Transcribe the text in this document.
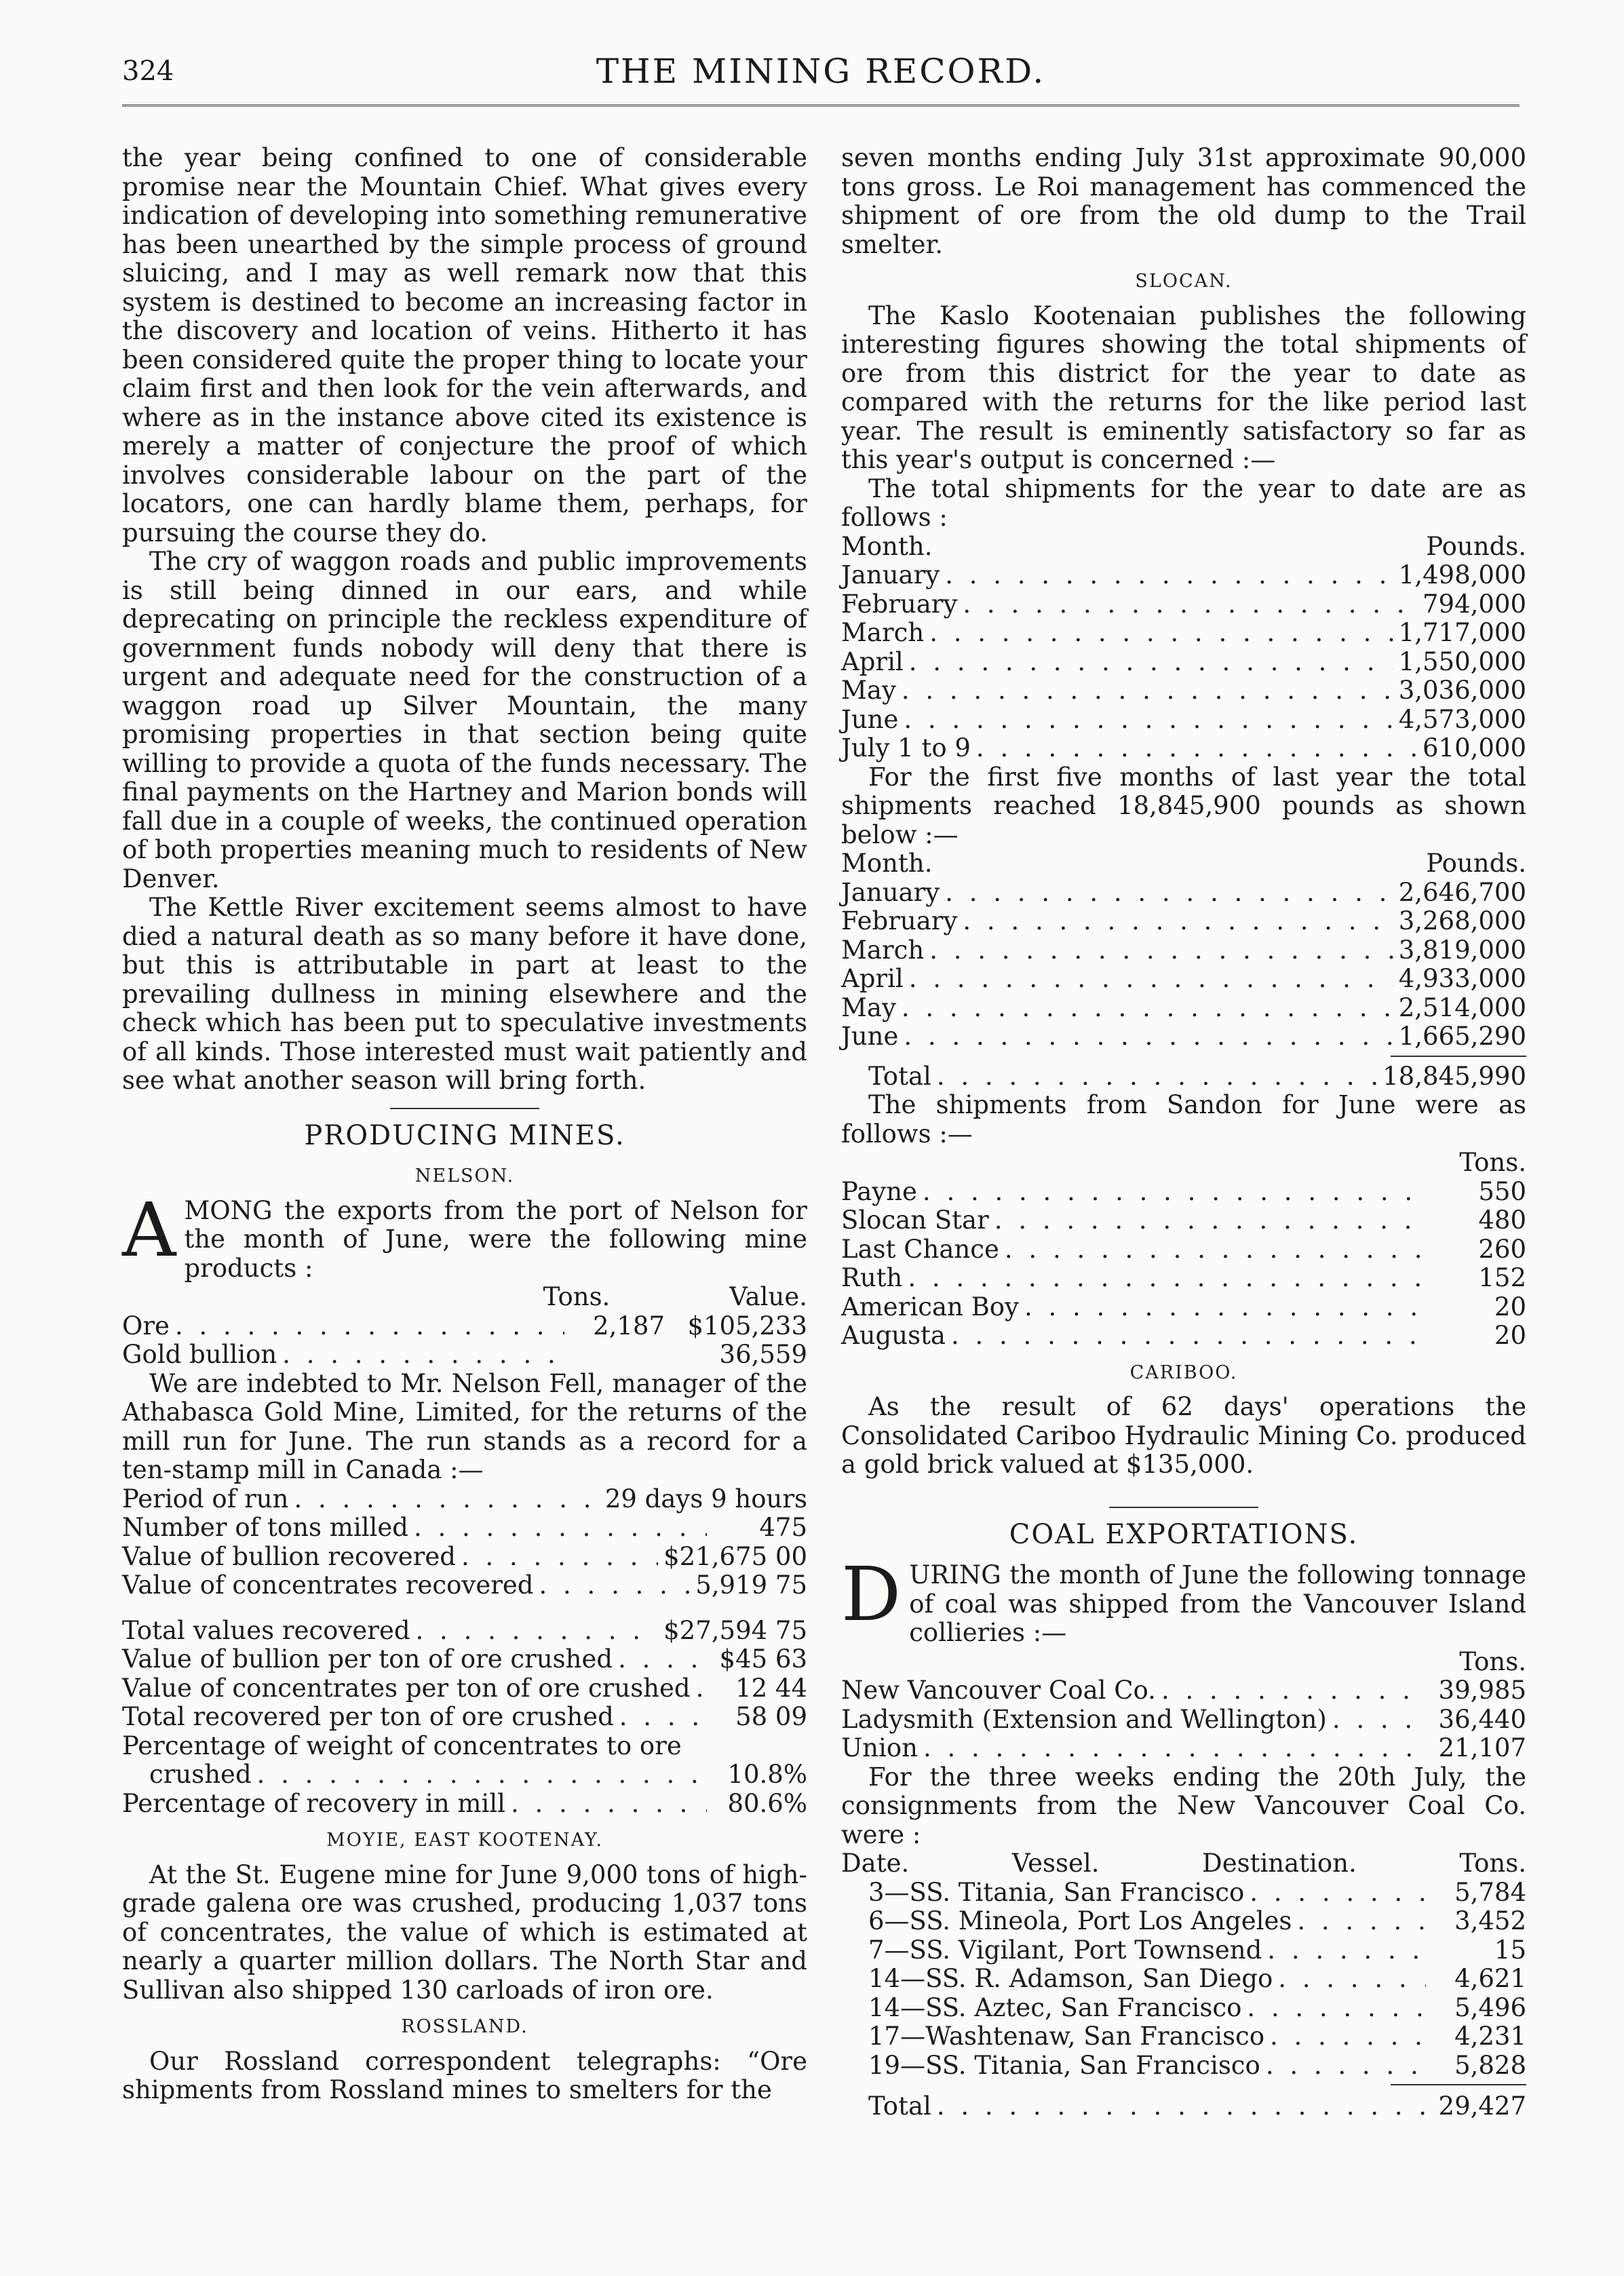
324	THE MINING RECORD.

the year being confined to one of considerable promise near the Mountain Chief. What gives every indication of developing into something remunerative has been unearthed by the simple process of ground sluicing, and I may as well remark now that this system is destined to become an increasing factor in the discovery and location of veins. Hitherto it has been considered quite the proper thing to locate your claim first and then look for the vein afterwards, and where as in the instance above cited its existence is merely a matter of conjecture the proof of which involves considerable labour on the part of the locators, one can hardly blame them, perhaps, for pursuing the course they do.

The cry of waggon roads and public improvements is still being dinned in our ears, and while deprecating on principle the reckless expenditure of government funds nobody will deny that there is urgent and adequate need for the construction of a waggon road up Silver Mountain, the many promising properties in that section being quite willing to provide a quota of the funds necessary. The final payments on the Hartney and Marion bonds will fall due in a couple of weeks, the continued operation of both properties meaning much to residents of New Denver.

The Kettle River excitement seems almost to have died a natural death as so many before it have done, but this is attributable in part at least to the prevailing dullness in mining elsewhere and the check which has been put to speculative investments of all kinds. Those interested must wait patiently and see what another season will bring forth.

PRODUCING MINES.
NELSON.

AMONG the exports from the port of Nelson for the month of June, were the following mine products :

Tons.	Value.
Ore . . .	2,187 $105,233
Gold bullion . . .	36,559

We are indebted to Mr. Nelson Fell, manager of the Athabasca Gold Mine, Limited, for the returns of the mill run for June. The run stands as a record for a ten-stamp mill in Canada :—

Period of run . . .	29 days 9 hours
Number of tons milled . . .	475
Value of bullion recovered . . .	$21,675 00
Value of concentrates recovered . . .	5,919 75
Total values recovered . . .	$27,594 75
Value of bullion per ton of ore crushed . . .	$45 63
Value of concentrates per ton of ore crushed . . .	12 44
Total recovered per ton of ore crushed . . .	58 09
Percentage of weight of concentrates to ore
crushed . . .	10.8%
Percentage of recovery in mill . . .	80.6%
MOYIE, EAST KOOTENAY.

At the St. Eugene mine for June 9,000 tons of high-grade galena ore was crushed, producing 1,037 tons of concentrates, the value of which is estimated at nearly a quarter million dollars. The North Star and Sullivan also shipped 130 carloads of iron ore.

ROSSLAND.

Our Rossland correspondent telegraphs: “Ore shipments from Rossland mines to smelters for the

seven months ending July 31st approximate 90,000 tons gross. Le Roi management has commenced the shipment of ore from the old dump to the Trail smelter.

SLOCAN.

The Kaslo Kootenaian publishes the following interesting figures showing the total shipments of ore from this district for the year to date as compared with the returns for the like period last year. The result is eminently satisfactory so far as this year's output is concerned :—

The total shipments for the year to date are as follows :

Month.	Pounds.
January . . .	1,498,000
February . . .	794,000
March . . .	1,717,000
April . . .	1,550,000
May . . .	3,036,000
June . . .	4,573,000
July 1 to 9 . . .	610,000

For the first five months of last year the total shipments reached 18,845,900 pounds as shown below :—

Month.	Pounds.
January . . .	2,646,700
February . . .	3,268,000
March . . .	3,819,000
April . . .	4,933,000
May . . .	2,514,000
June . . .	1,665,290
Total . . .	18,845,990

The shipments from Sandon for June were as follows :—

Tons.
Payne . . .	550
Slocan Star . . .	480
Last Chance . . .	260
Ruth . . .	152
American Boy . . .	20
Augusta . . .	20
CARIBOO.

As the result of 62 days' operations the Consolidated Cariboo Hydraulic Mining Co. produced a gold brick valued at $135,000.

COAL EXPORTATIONS.

DURING the month of June the following tonnage of coal was shipped from the Vancouver Island collieries :—

Tons.
New Vancouver Coal Co. . . .	39,985
Ladysmith (Extension and Wellington) . . .	36,440
Union . . .	21,107

For the three weeks ending the 20th July, the consignments from the New Vancouver Coal Co. were :

Date.	Vessel.	Destination.	Tons.
3—SS. Titania, San Francisco . . .	5,784
6—SS. Mineola, Port Los Angeles . . .	3,452
7—SS. Vigilant, Port Townsend . . .	15
14—SS. R. Adamson, San Diego . . .	4,621
14—SS. Aztec, San Francisco . . .	5,496
17—Washtenaw, San Francisco . . .	4,231
19—SS. Titania, San Francisco . . .	5,828
Total . . .	29,427
